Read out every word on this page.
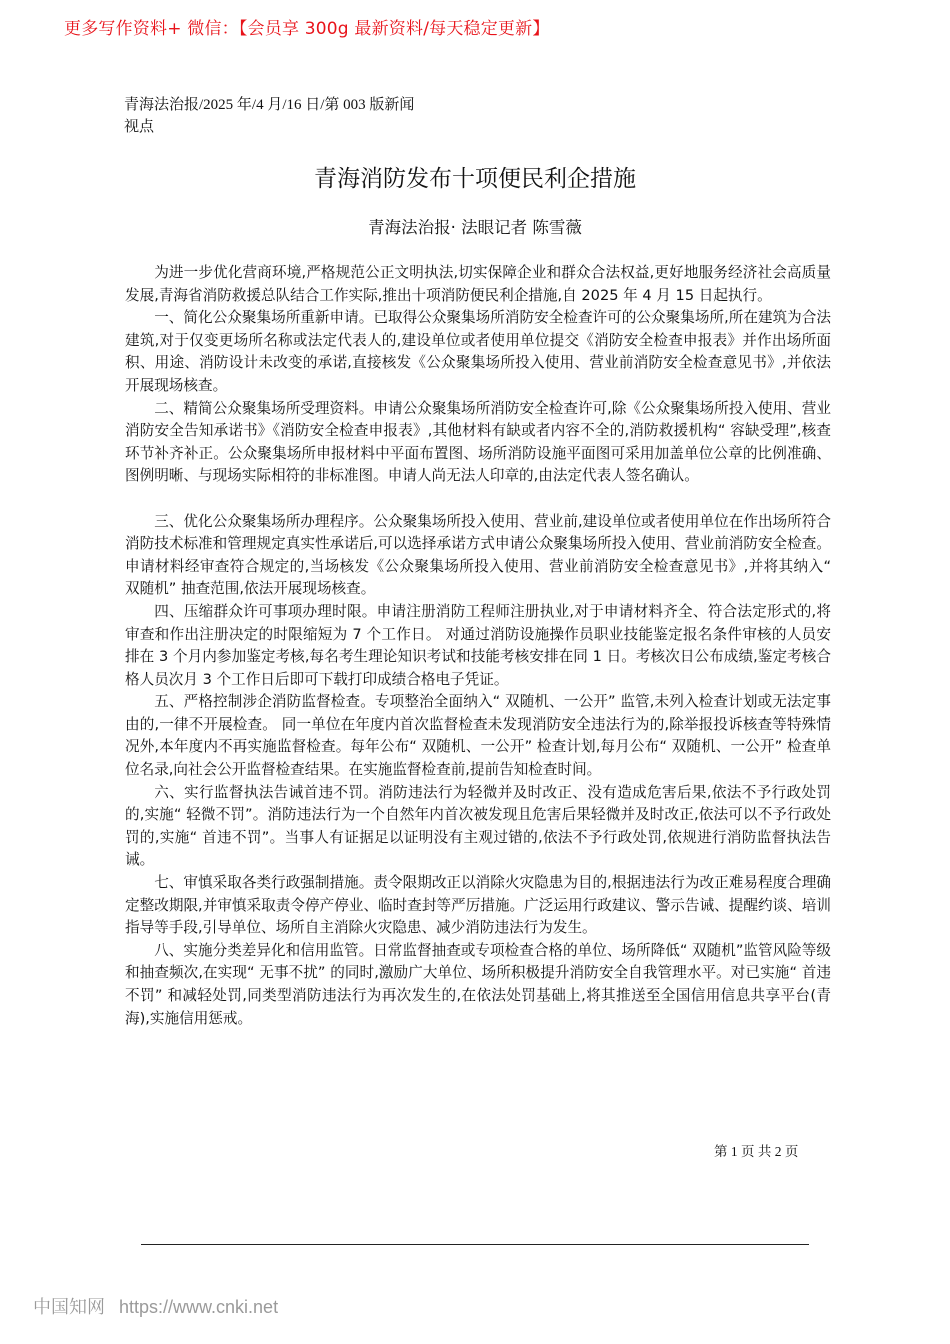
更多写作资料+ 微信：【会员享 300g 最新资料/每天稳定更新】
青海法治报/2025 年/4 月/16 日/第 003 版新闻视点
青海消防发布十项便民利企措施
青海法治报· 法眼记者 陈雪薇

为进一步优化营商环境,严格规范公正文明执法,切实保障企业和群众合法权益,更好地服务经济社会高质量发展,青海省消防救援总队结合工作实际,推出十项消防便民利企措施,自 2025 年 4 月 15 日起执行。

一、简化公众聚集场所重新申请。已取得公众聚集场所消防安全检查许可的公众聚集场所,所在建筑为合法建筑,对于仅变更场所名称或法定代表人的,建设单位或者使用单位提交《消防安全检查申报表》并作出场所面积、用途、消防设计未改变的承诺,直接核发《公众聚集场所投入使用、营业前消防安全检查意见书》,并依法开展现场核查。

二、精简公众聚集场所受理资料。申请公众聚集场所消防安全检查许可,除《公众聚集场所投入使用、营业消防安全告知承诺书》《消防安全检查申报表》,其他材料有缺或者内容不全的,消防救援机构“ 容缺受理”,核查环节补齐补正。公众聚集场所申报材料中平面布置图、场所消防设施平面图可采用加盖单位公章的比例准确、图例明晰、与现场实际相符的非标准图。申请人尚无法人印章的,由法定代表人签名确认。

三、优化公众聚集场所办理程序。公众聚集场所投入使用、营业前,建设单位或者使用单位在作出场所符合消防技术标准和管理规定真实性承诺后,可以选择承诺方式申请公众聚集场所投入使用、营业前消防安全检查。申请材料经审查符合规定的,当场核发《公众聚集场所投入使用、营业前消防安全检查意见书》,并将其纳入“ 双随机” 抽查范围,依法开展现场核查。

四、压缩群众许可事项办理时限。申请注册消防工程师注册执业,对于申请材料齐全、符合法定形式的,将审查和作出注册决定的时限缩短为 7 个工作日。 对通过消防设施操作员职业技能鉴定报名条件审核的人员安排在 3 个月内参加鉴定考核,每名考生理论知识考试和技能考核安排在同 1 日。考核次日公布成绩,鉴定考核合格人员次月 3 个工作日后即可下载打印成绩合格电子凭证。

五、严格控制涉企消防监督检查。专项整治全面纳入“ 双随机、一公开” 监管,未列入检查计划或无法定事由的,一律不开展检查。 同一单位在年度内首次监督检查未发现消防安全违法行为的,除举报投诉核查等特殊情况外,本年度内不再实施监督检查。每年公布“ 双随机、一公开” 检查计划,每月公布“ 双随机、一公开” 检查单位名录,向社会公开监督检查结果。在实施监督检查前,提前告知检查时间。

六、实行监督执法告诫首违不罚。消防违法行为轻微并及时改正、没有造成危害后果,依法不予行政处罚的,实施“ 轻微不罚”。消防违法行为一个自然年内首次被发现且危害后果轻微并及时改正,依法可以不予行政处罚的,实施“ 首违不罚”。当事人有证据足以证明没有主观过错的,依法不予行政处罚,依规进行消防监督执法告诫。

七、审慎采取各类行政强制措施。责令限期改正以消除火灾隐患为目的,根据违法行为改正难易程度合理确定整改期限,并审慎采取责令停产停业、临时查封等严厉措施。广泛运用行政建议、警示告诫、提醒约谈、培训指导等手段,引导单位、场所自主消除火灾隐患、减少消防违法行为发生。

八、实施分类差异化和信用监管。日常监督抽查或专项检查合格的单位、场所降低“ 双随机”监管风险等级和抽查频次,在实现“ 无事不扰” 的同时,激励广大单位、场所积极提升消防安全自我管理水平。对已实施“ 首违不罚” 和减轻处罚,同类型消防违法行为再次发生的,在依法处罚基础上,将其推送至全国信用信息共享平台(青海),实施信用惩戒。

第 1 页 共 2 页
中国知网 https://www.cnki.net
